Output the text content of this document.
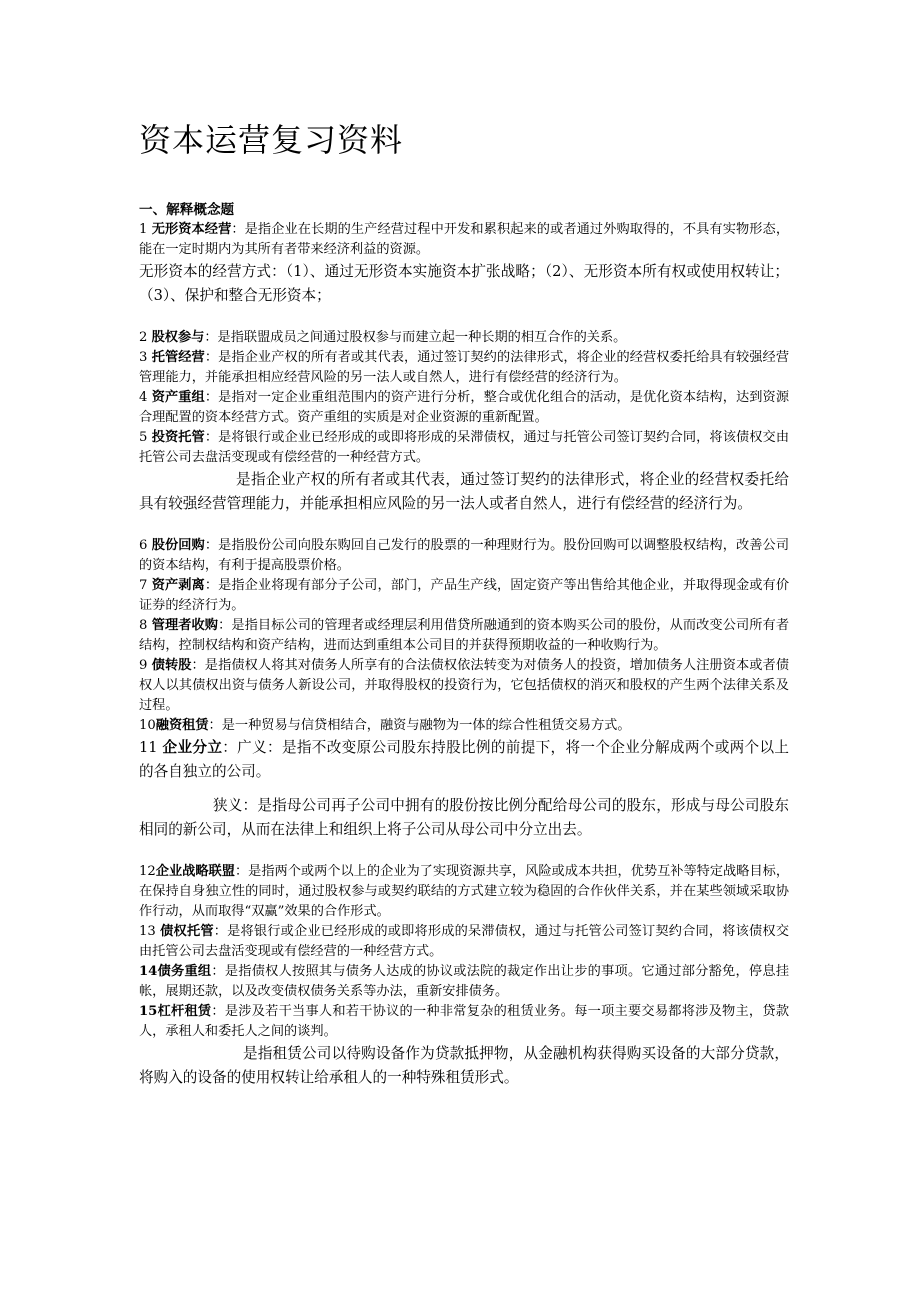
资本运营复习资料

一、解释概念题

1 无形资本经营：是指企业在长期的生产经营过程中开发和累积起来的或者通过外购取得的，不具有实物形态，能在一定时期内为其所有者带来经济利益的资源。

无形资本的经营方式：（1）、通过无形资本实施资本扩张战略；（2）、无形资本所有权或使用权转让；（3）、保护和整合无形资本；

2 股权参与：是指联盟成员之间通过股权参与而建立起一种长期的相互合作的关系。

3 托管经营：是指企业产权的所有者或其代表，通过签订契约的法律形式，将企业的经营权委托给具有较强经营管理能力，并能承担相应经营风险的另一法人或自然人，进行有偿经营的经济行为。

4 资产重组：是指对一定企业重组范围内的资产进行分析，整合或优化组合的活动，是优化资本结构，达到资源合理配置的资本经营方式。资产重组的实质是对企业资源的重新配置。

5 投资托管：是将银行或企业已经形成的或即将形成的呆滞债权，通过与托管公司签订契约合同，将该债权交由托管公司去盘活变现或有偿经营的一种经营方式。

是指企业产权的所有者或其代表，通过签订契约的法律形式，将企业的经营权委托给具有较强经营管理能力，并能承担相应风险的另一法人或者自然人，进行有偿经营的经济行为。

6 股份回购：是指股份公司向股东购回自己发行的股票的一种理财行为。股份回购可以调整股权结构，改善公司的资本结构，有利于提高股票价格。

7 资产剥离：是指企业将现有部分子公司，部门，产品生产线，固定资产等出售给其他企业，并取得现金或有价证券的经济行为。

8 管理者收购：是指目标公司的管理者或经理层利用借贷所融通到的资本购买公司的股份，从而改变公司所有者结构，控制权结构和资产结构，进而达到重组本公司目的并获得预期收益的一种收购行为。

9 债转股：是指债权人将其对债务人所享有的合法债权依法转变为对债务人的投资，增加债务人注册资本或者债权人以其债权出资与债务人新设公司，并取得股权的投资行为，它包括债权的消灭和股权的产生两个法律关系及过程。

10融资租赁：是一种贸易与信贷相结合，融资与融物为一体的综合性租赁交易方式。

11 企业分立：广义：是指不改变原公司股东持股比例的前提下，将一个企业分解成两个或两个以上的各自独立的公司。

狭义：是指母公司再子公司中拥有的股份按比例分配给母公司的股东，形成与母公司股东相同的新公司，从而在法律上和组织上将子公司从母公司中分立出去。

12企业战略联盟：是指两个或两个以上的企业为了实现资源共享，风险或成本共担，优势互补等特定战略目标，在保持自身独立性的同时，通过股权参与或契约联结的方式建立较为稳固的合作伙伴关系，并在某些领域采取协作行动，从而取得“双赢”效果的合作形式。

13 债权托管：是将银行或企业已经形成的或即将形成的呆滞债权，通过与托管公司签订契约合同，将该债权交由托管公司去盘活变现或有偿经营的一种经营方式。

14债务重组：是指债权人按照其与债务人达成的协议或法院的裁定作出让步的事项。它通过部分豁免，停息挂帐，展期还款，以及改变债权债务关系等办法，重新安排债务。

15杠杆租赁：是涉及若干当事人和若干协议的一种非常复杂的租赁业务。每一项主要交易都将涉及物主，贷款人，承租人和委托人之间的谈判。

是指租赁公司以待购设备作为贷款抵押物，从金融机构获得购买设备的大部分贷款，将购入的设备的使用权转让给承租人的一种特殊租赁形式。
